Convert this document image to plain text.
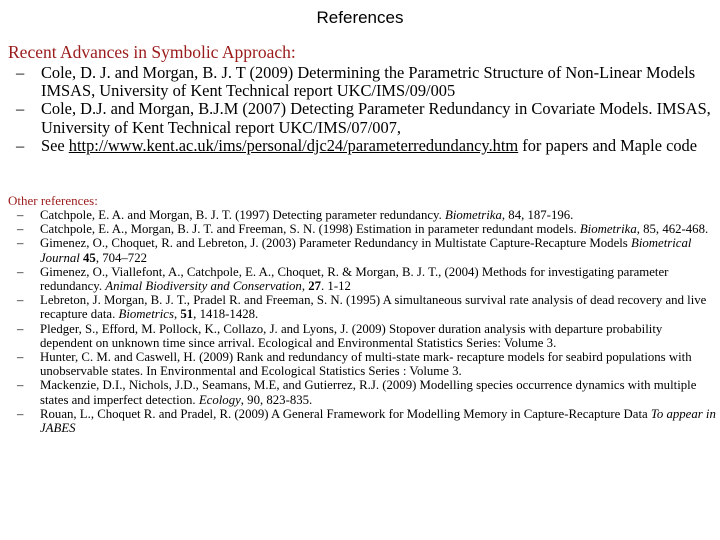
References
Recent Advances in Symbolic Approach:
– Cole, D. J. and Morgan, B. J. T (2009) Determining the Parametric Structure of Non-Linear Models IMSAS, University of Kent Technical report UKC/IMS/09/005
– Cole, D.J. and Morgan, B.J.M (2007) Detecting Parameter Redundancy in Covariate Models. IMSAS, University of Kent Technical report UKC/IMS/07/007,
– See http://www.kent.ac.uk/ims/personal/djc24/parameterredundancy.htm for papers and Maple code
Other references:
– Catchpole, E. A. and Morgan, B. J. T. (1997) Detecting parameter redundancy. Biometrika, 84, 187-196.
– Catchpole, E. A., Morgan, B. J. T. and Freeman, S. N. (1998) Estimation in parameter redundant models. Biometrika, 85, 462-468.
– Gimenez, O., Choquet, R. and Lebreton, J. (2003) Parameter Redundancy in Multistate Capture-Recapture Models Biometrical Journal 45, 704–722
– Gimenez, O., Viallefont, A., Catchpole, E. A., Choquet, R. & Morgan, B. J. T., (2004) Methods for investigating parameter redundancy. Animal Biodiversity and Conservation, 27. 1-12
– Lebreton, J. Morgan, B. J. T., Pradel R. and Freeman, S. N. (1995) A simultaneous survival rate analysis of dead recovery and live recapture data. Biometrics, 51, 1418-1428.
– Pledger, S., Efford, M. Pollock, K., Collazo, J. and Lyons, J. (2009) Stopover duration analysis with departure probability dependent on unknown time since arrival. Ecological and Environmental Statistics Series: Volume 3.
– Hunter, C. M. and Caswell, H. (2009) Rank and redundancy of multi-state mark- recapture models for seabird populations with unobservable states. In Environmental and Ecological Statistics Series : Volume 3.
– Mackenzie, D.I., Nichols, J.D., Seamans, M.E, and Gutierrez, R.J. (2009) Modelling species occurrence dynamics with multiple states and imperfect detection. Ecology, 90, 823-835.
– Rouan, L., Choquet R. and Pradel, R. (2009) A General Framework for Modelling Memory in Capture-Recapture Data To appear in JABES
